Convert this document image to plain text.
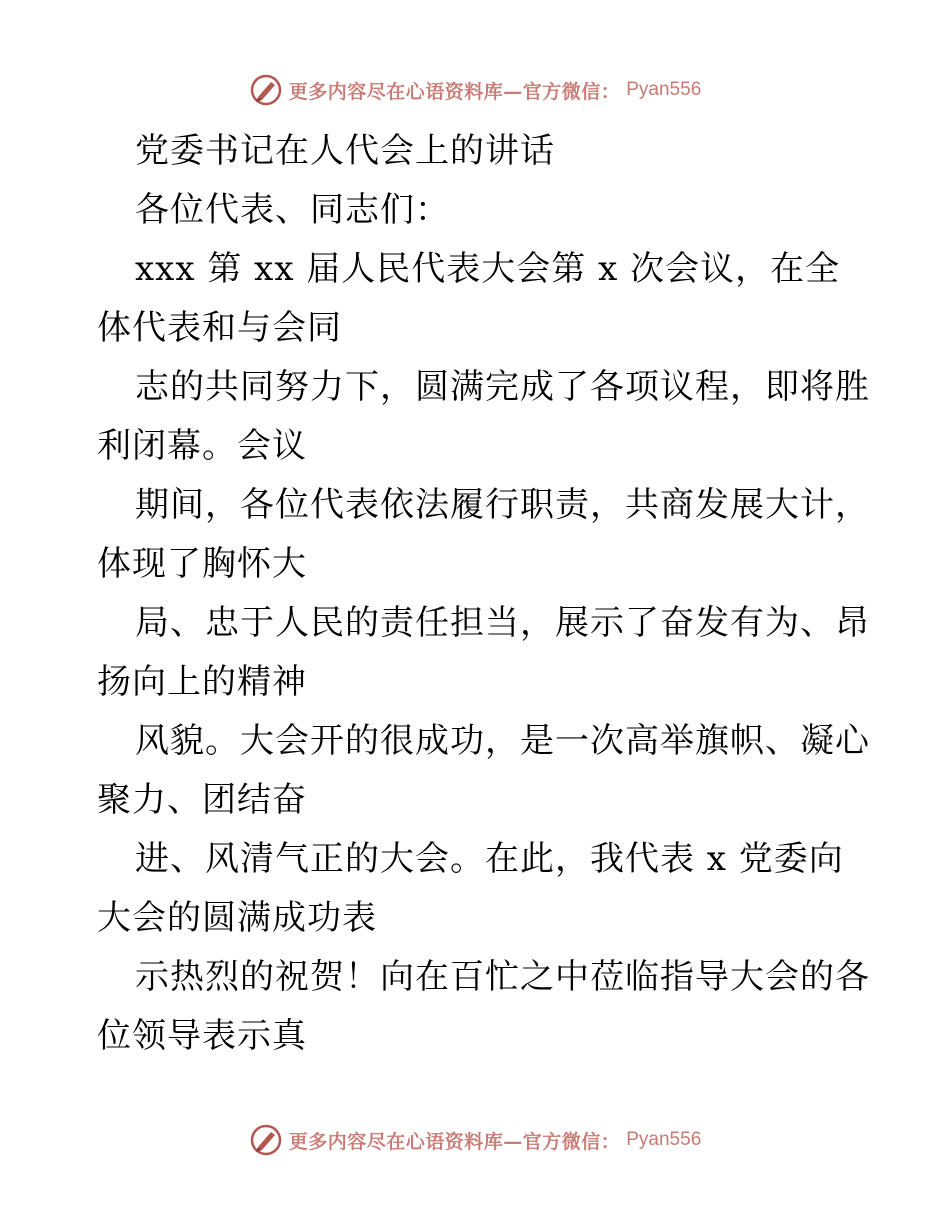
更多内容尽在心语资料库—官方微信： Pyan556
党委书记在人代会上的讲话
各位代表、同志们：
xxx 第 xx 届人民代表大会第 x 次会议，在全
体代表和与会同
志的共同努力下，圆满完成了各项议程，即将胜
利闭幕。会议
期间，各位代表依法履行职责，共商发展大计，
体现了胸怀大
局、忠于人民的责任担当，展示了奋发有为、昂
扬向上的精神
风貌。大会开的很成功，是一次高举旗帜、凝心
聚力、团结奋
进、风清气正的大会。在此，我代表 x 党委向
大会的圆满成功表
示热烈的祝贺！向在百忙之中莅临指导大会的各
位领导表示真
更多内容尽在心语资料库—官方微信： Pyan556
